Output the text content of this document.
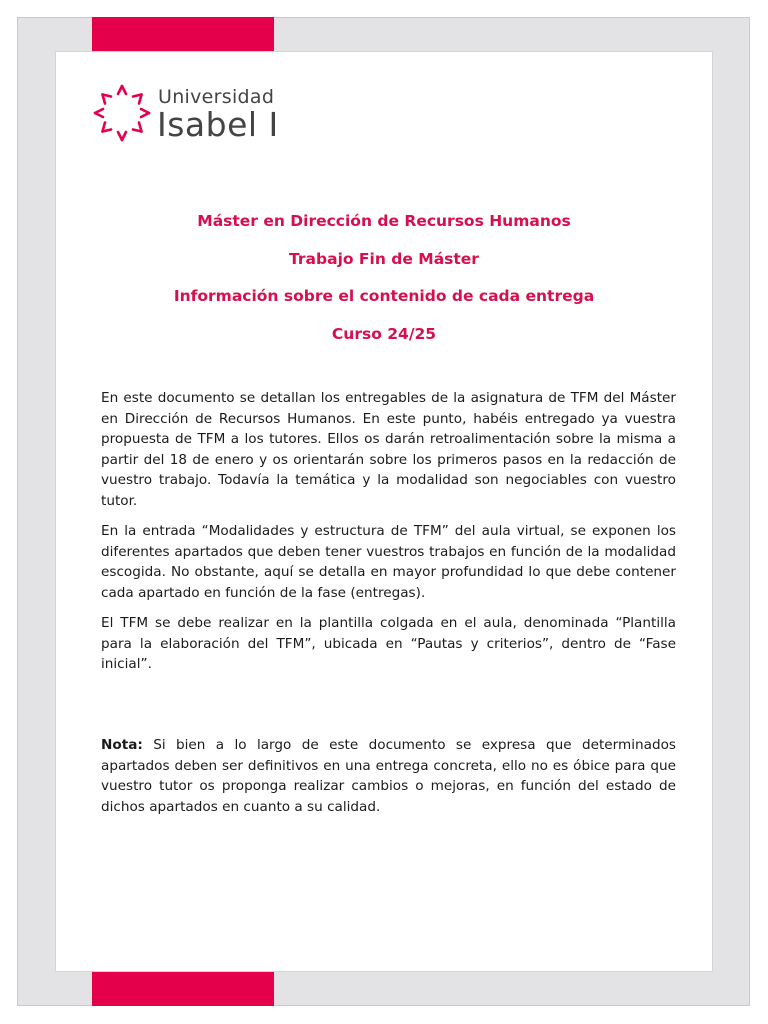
Universidad
Isabel I
Máster en Dirección de Recursos Humanos
Trabajo Fin de Máster
Información sobre el contenido de cada entrega
Curso 24/25

En este documento se detallan los entregables de la asignatura de TFM del Máster en Dirección de Recursos Humanos. En este punto, habéis entregado ya vuestra propuesta de TFM a los tutores. Ellos os darán retroalimentación sobre la misma a partir del 18 de enero y os orientarán sobre los primeros pasos en la redacción de vuestro trabajo. Todavía la temática y la modalidad son negociables con vuestro tutor.

En la entrada “Modalidades y estructura de TFM” del aula virtual, se exponen los diferentes apartados que deben tener vuestros trabajos en función de la modalidad escogida. No obstante, aquí se detalla en mayor profundidad lo que debe contener cada apartado en función de la fase (entregas).

El TFM se debe realizar en la plantilla colgada en el aula, denominada “Plantilla para la elaboración del TFM”, ubicada en “Pautas y criterios”, dentro de “Fase inicial”.

Nota: Si bien a lo largo de este documento se expresa que determinados apartados deben ser definitivos en una entrega concreta, ello no es óbice para que vuestro tutor os proponga realizar cambios o mejoras, en función del estado de dichos apartados en cuanto a su calidad.
